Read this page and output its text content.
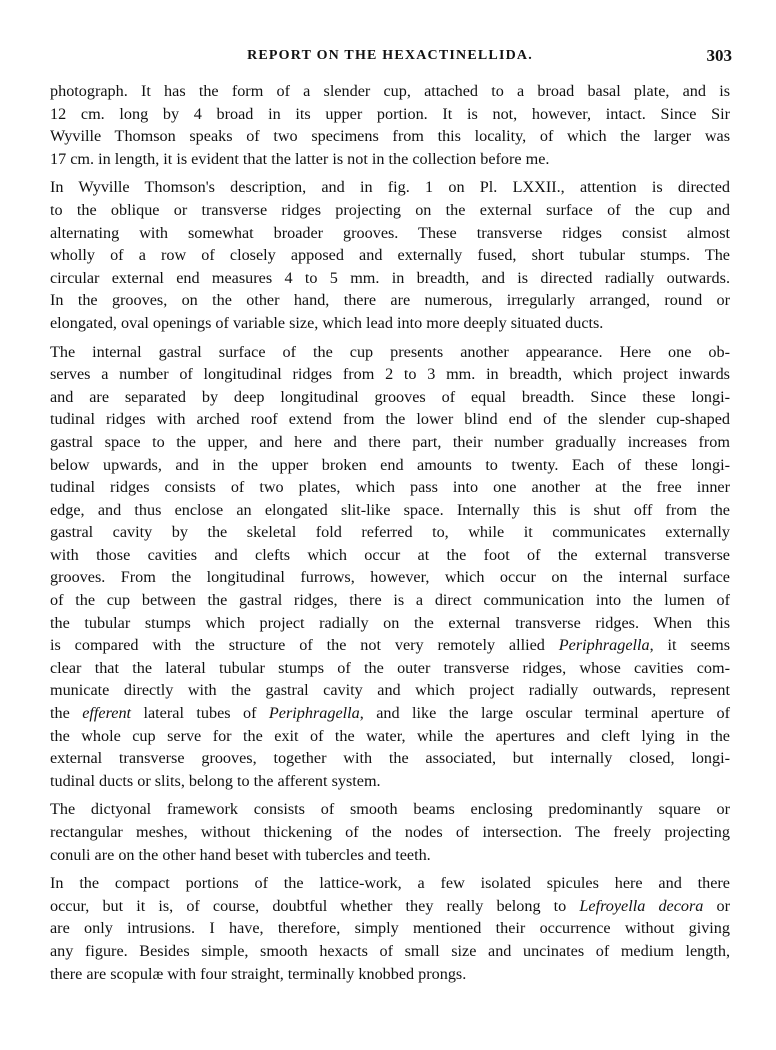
REPORT ON THE HEXACTINELLIDA.	303
photograph. It has the form of a slender cup, attached to a broad basal plate, and is
12 cm. long by 4 broad in its upper portion. It is not, however, intact. Since Sir
Wyville Thomson speaks of two specimens from this locality, of which the larger was
17 cm. in length, it is evident that the latter is not in the collection before me.
In Wyville Thomson's description, and in fig. 1 on Pl. LXXII., attention is directed
to the oblique or transverse ridges projecting on the external surface of the cup and
alternating with somewhat broader grooves. These transverse ridges consist almost
wholly of a row of closely apposed and externally fused, short tubular stumps. The
circular external end measures 4 to 5 mm. in breadth, and is directed radially outwards.
In the grooves, on the other hand, there are numerous, irregularly arranged, round or
elongated, oval openings of variable size, which lead into more deeply situated ducts.
The internal gastral surface of the cup presents another appearance. Here one ob-
serves a number of longitudinal ridges from 2 to 3 mm. in breadth, which project inwards
and are separated by deep longitudinal grooves of equal breadth. Since these longi-
tudinal ridges with arched roof extend from the lower blind end of the slender cup-shaped
gastral space to the upper, and here and there part, their number gradually increases from
below upwards, and in the upper broken end amounts to twenty. Each of these longi-
tudinal ridges consists of two plates, which pass into one another at the free inner
edge, and thus enclose an elongated slit-like space. Internally this is shut off from the
gastral cavity by the skeletal fold referred to, while it communicates externally
with those cavities and clefts which occur at the foot of the external transverse
grooves. From the longitudinal furrows, however, which occur on the internal surface
of the cup between the gastral ridges, there is a direct communication into the lumen of
the tubular stumps which project radially on the external transverse ridges. When this
is compared with the structure of the not very remotely allied Periphragella, it seems
clear that the lateral tubular stumps of the outer transverse ridges, whose cavities com-
municate directly with the gastral cavity and which project radially outwards, represent
the efferent lateral tubes of Periphragella, and like the large oscular terminal aperture of
the whole cup serve for the exit of the water, while the apertures and cleft lying in the
external transverse grooves, together with the associated, but internally closed, longi-
tudinal ducts or slits, belong to the afferent system.
The dictyonal framework consists of smooth beams enclosing predominantly square or
rectangular meshes, without thickening of the nodes of intersection. The freely projecting
conuli are on the other hand beset with tubercles and teeth.
In the compact portions of the lattice-work, a few isolated spicules here and there
occur, but it is, of course, doubtful whether they really belong to Lefroyella decora or
are only intrusions. I have, therefore, simply mentioned their occurrence without giving
any figure. Besides simple, smooth hexacts of small size and uncinates of medium length,
there are scopulæ with four straight, terminally knobbed prongs.
